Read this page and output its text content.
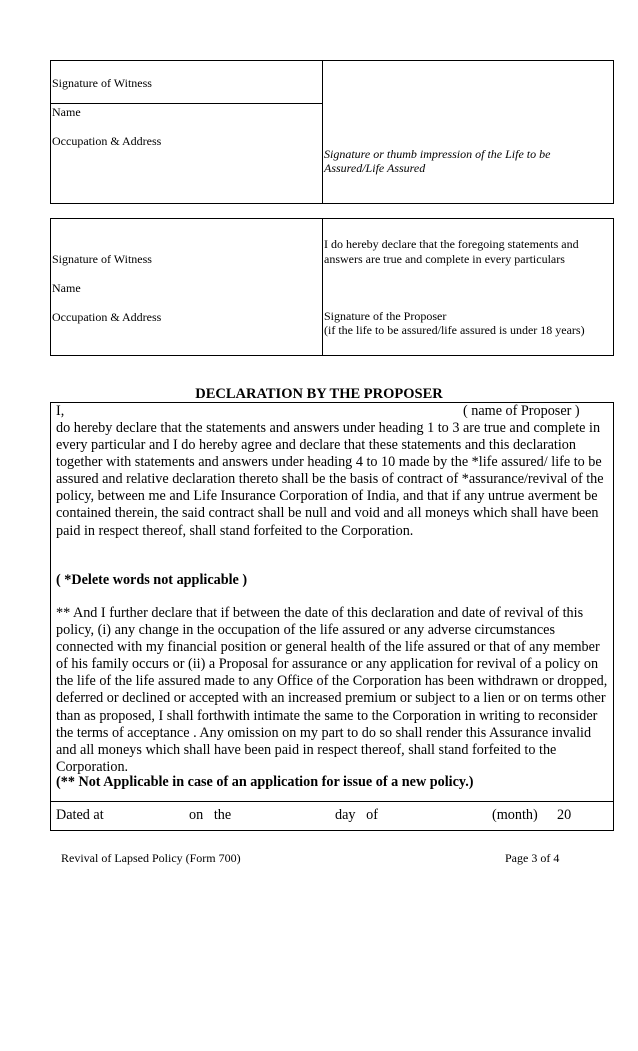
Signature of Witness
Name
Occupation & Address
Signature or thumb impression of the Life to be
Assured/Life Assured
Signature of Witness
Name
Occupation & Address
I do hereby declare that the foregoing statements and
answers are true and complete in every particulars
Signature of the Proposer
(if the life to be assured/life assured is under 18 years)
DECLARATION BY THE PROPOSER
I,	( name of Proposer )
do hereby declare that the statements and answers under heading 1 to 3 are true and complete in every particular and I do hereby agree and declare that these statements and this declaration together with statements and answers under heading 4 to 10 made by the *life assured/ life to be assured and relative declaration thereto shall be the basis of contract of *assurance/revival of the policy, between me and Life Insurance Corporation of India, and that if any untrue averment be contained therein, the said contract shall be null and void and all moneys which shall have been paid in respect thereof, shall stand forfeited to the Corporation.
( *Delete words not applicable )
** And I further declare that if between the date of this declaration and date of revival of this policy, (i) any change in the occupation of the life assured or any adverse circumstances connected with my financial position or general health of the life assured or that of any member of his family occurs or (ii) a Proposal for assurance or any application for revival of a policy on the life of the life assured made to any Office of the Corporation has been withdrawn or dropped, deferred or declined or accepted with an increased premium or subject to a lien or on terms other than as proposed, I shall forthwith intimate the same to the Corporation in writing to reconsider the terms of acceptance . Any omission on my part to do so shall render this Assurance invalid and all moneys which shall have been paid in respect thereof, shall stand forfeited to the Corporation.
(** Not Applicable in case of an application for issue of a new policy.)
Dated at	on   the	day   of	(month) 20
Revival of Lapsed Policy (Form 700)	Page 3 of 4
